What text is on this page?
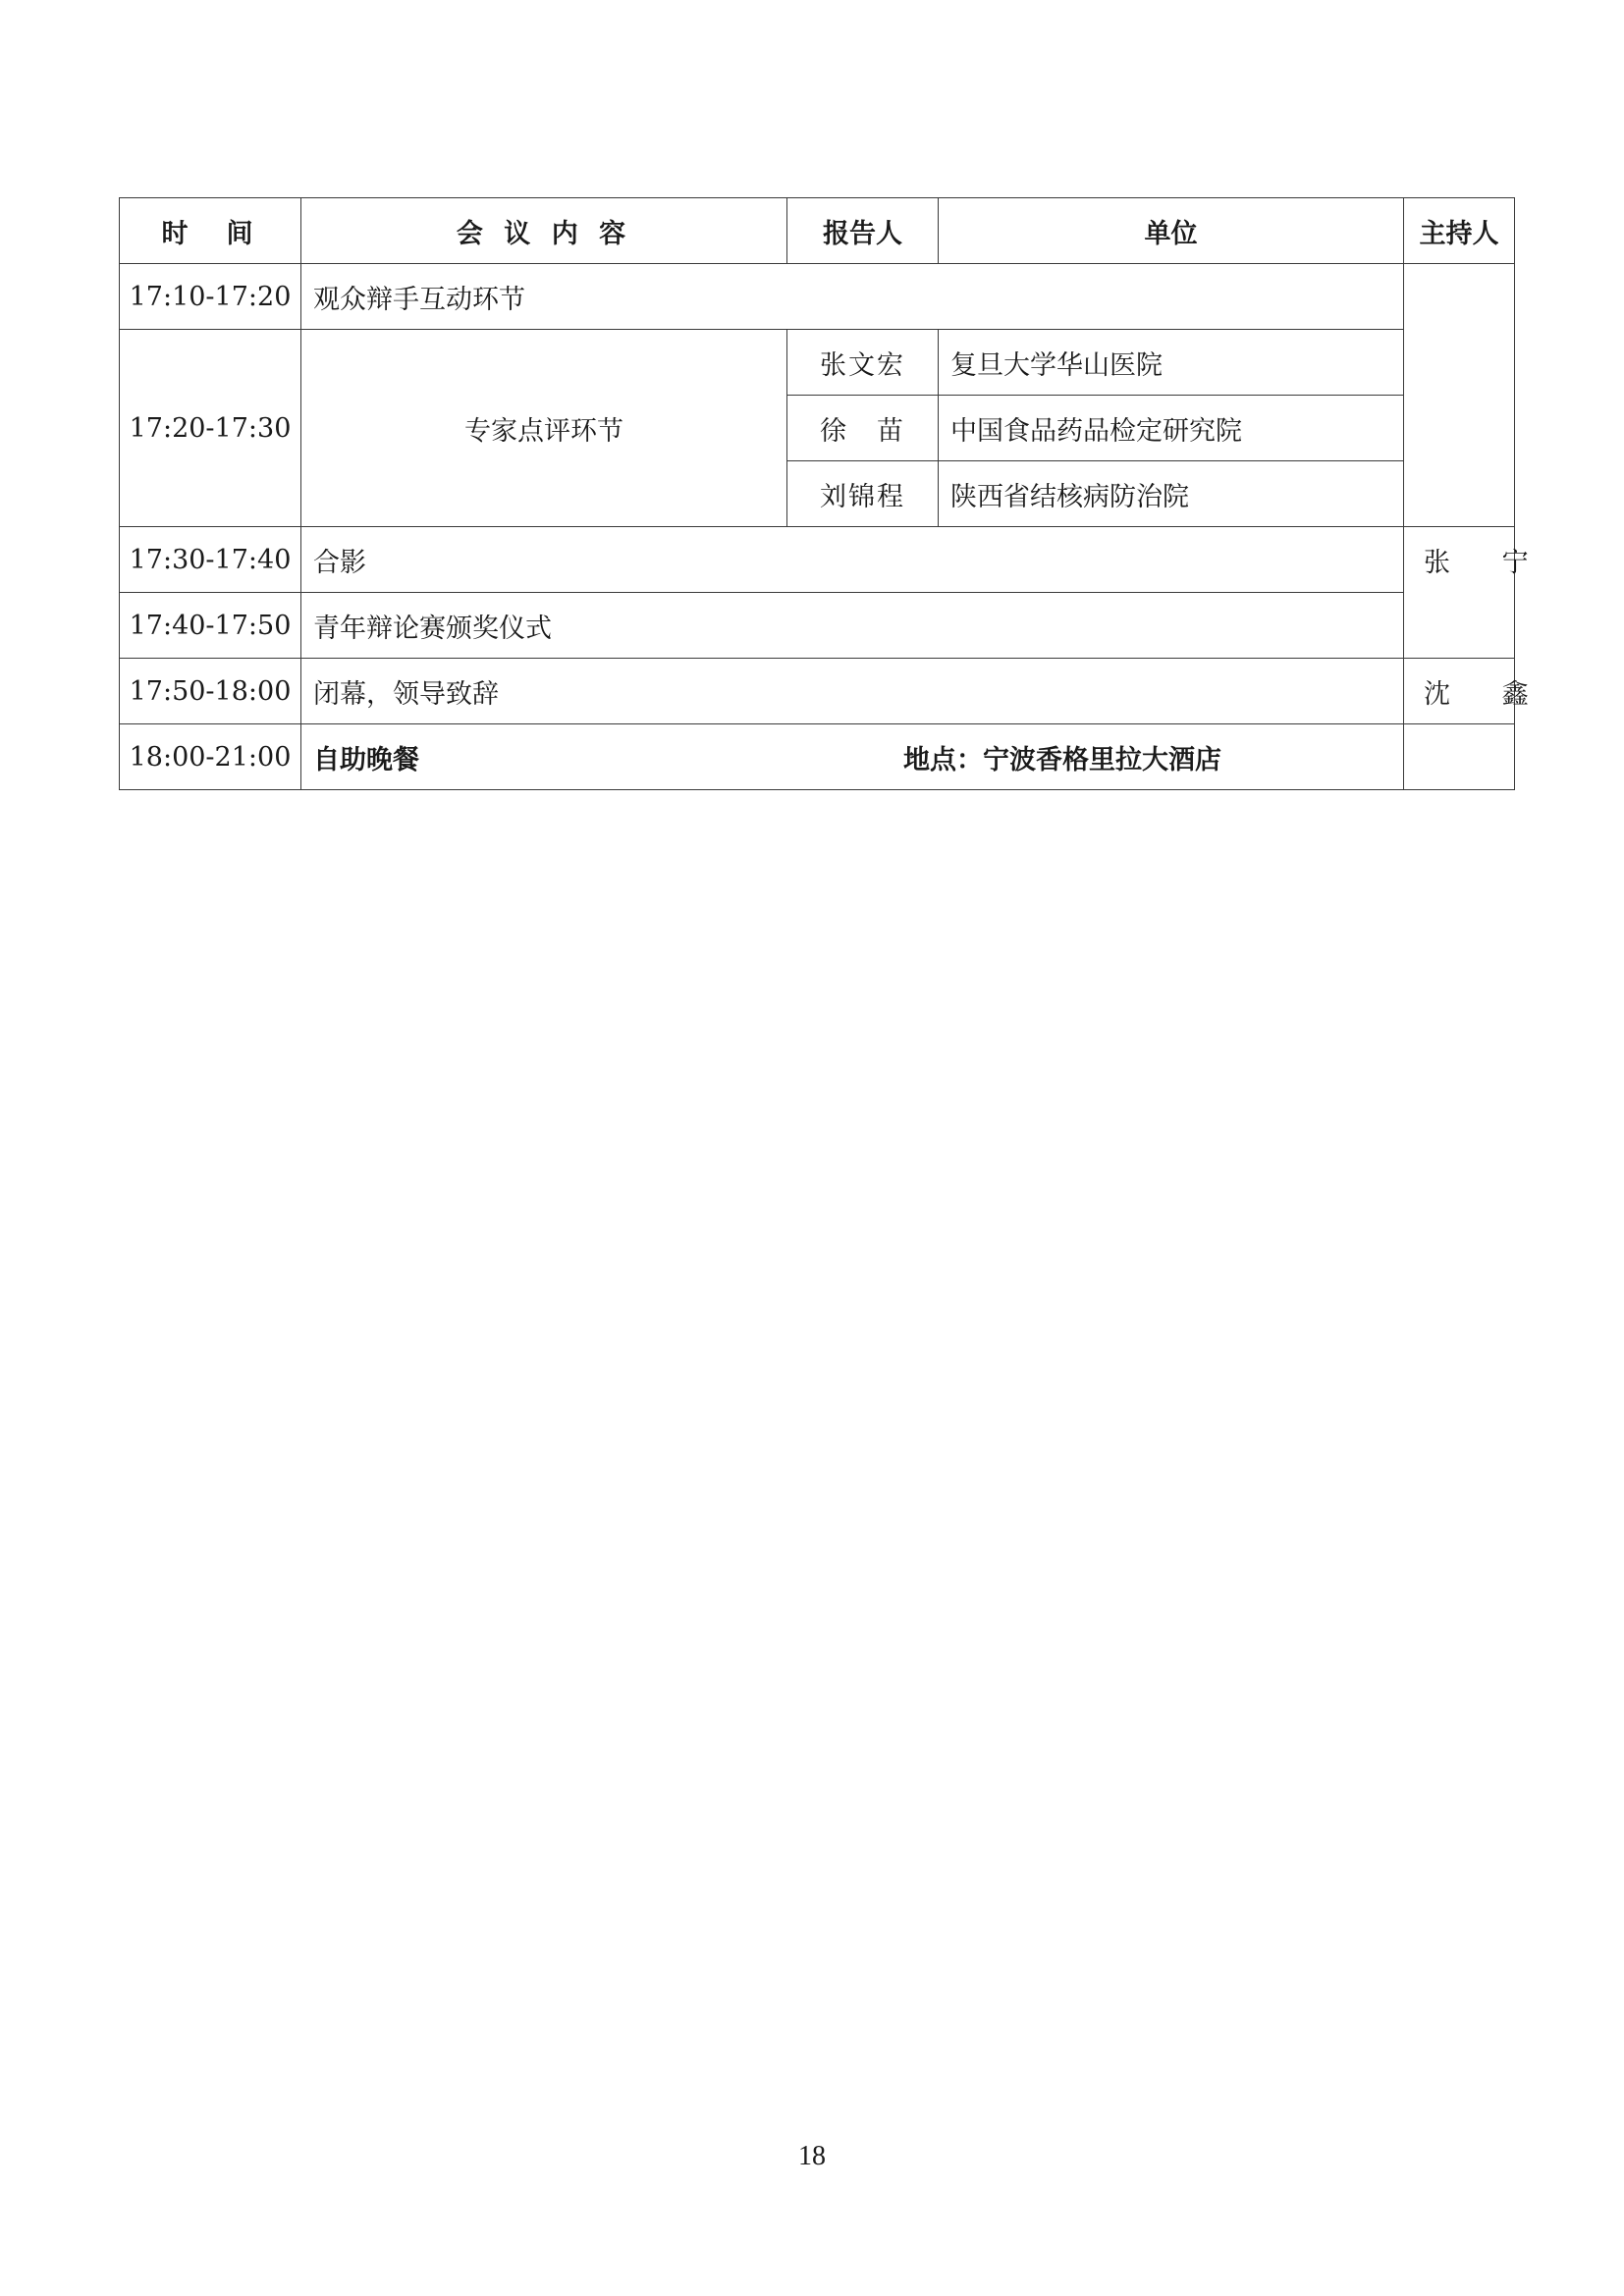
时　间	会 议 内 容	报告人	单位	主持人
17:10-17:20	观众辩手互动环节			
17:20-17:30	专家点评环节	张文宏	复旦大学华山医院	
		徐　苗	中国食品药品检定研究院	
		刘锦程	陕西省结核病防治院	
17:30-17:40	合影			张 宁
17:40-17:50	青年辩论赛颁奖仪式			
17:50-18:00	闭幕，领导致辞			沈 鑫
18:00-21:00	自助晚餐 地点：宁波香格里拉大酒店			

18
